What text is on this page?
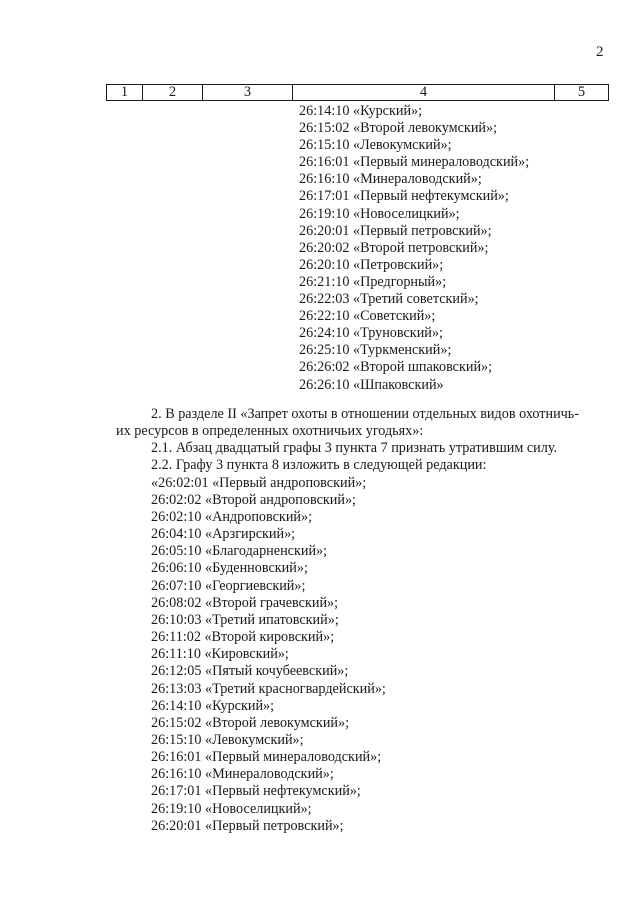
2
1	2	3	4	5
26:14:10 «Курский»;
26:15:02 «Второй левокумский»;
26:15:10 «Левокумский»;
26:16:01 «Первый минераловодский»;
26:16:10 «Минераловодский»;
26:17:01 «Первый нефтекумский»;
26:19:10 «Новоселицкий»;
26:20:01 «Первый петровский»;
26:20:02 «Второй петровский»;
26:20:10 «Петровский»;
26:21:10 «Предгорный»;
26:22:03 «Третий советский»;
26:22:10 «Советский»;
26:24:10 «Труновский»;
26:25:10 «Туркменский»;
26:26:02 «Второй шпаковский»;
26:26:10 «Шпаковский»
2. В разделе II «Запрет охоты в отношении отдельных видов охотничь-
их ресурсов в определенных охотничьих угодьях»:
2.1. Абзац двадцатый графы 3 пункта 7 признать утратившим силу.
2.2. Графу 3 пункта 8 изложить в следующей редакции:
«26:02:01 «Первый андроповский»;
26:02:02 «Второй андроповский»;
26:02:10 «Андроповский»;
26:04:10 «Арзгирский»;
26:05:10 «Благодарненский»;
26:06:10 «Буденновский»;
26:07:10 «Георгиевский»;
26:08:02 «Второй грачевский»;
26:10:03 «Третий ипатовский»;
26:11:02 «Второй кировский»;
26:11:10 «Кировский»;
26:12:05 «Пятый кочубеевский»;
26:13:03 «Третий красногвардейский»;
26:14:10 «Курский»;
26:15:02 «Второй левокумский»;
26:15:10 «Левокумский»;
26:16:01 «Первый минераловодский»;
26:16:10 «Минераловодский»;
26:17:01 «Первый нефтекумский»;
26:19:10 «Новоселицкий»;
26:20:01 «Первый петровский»;
